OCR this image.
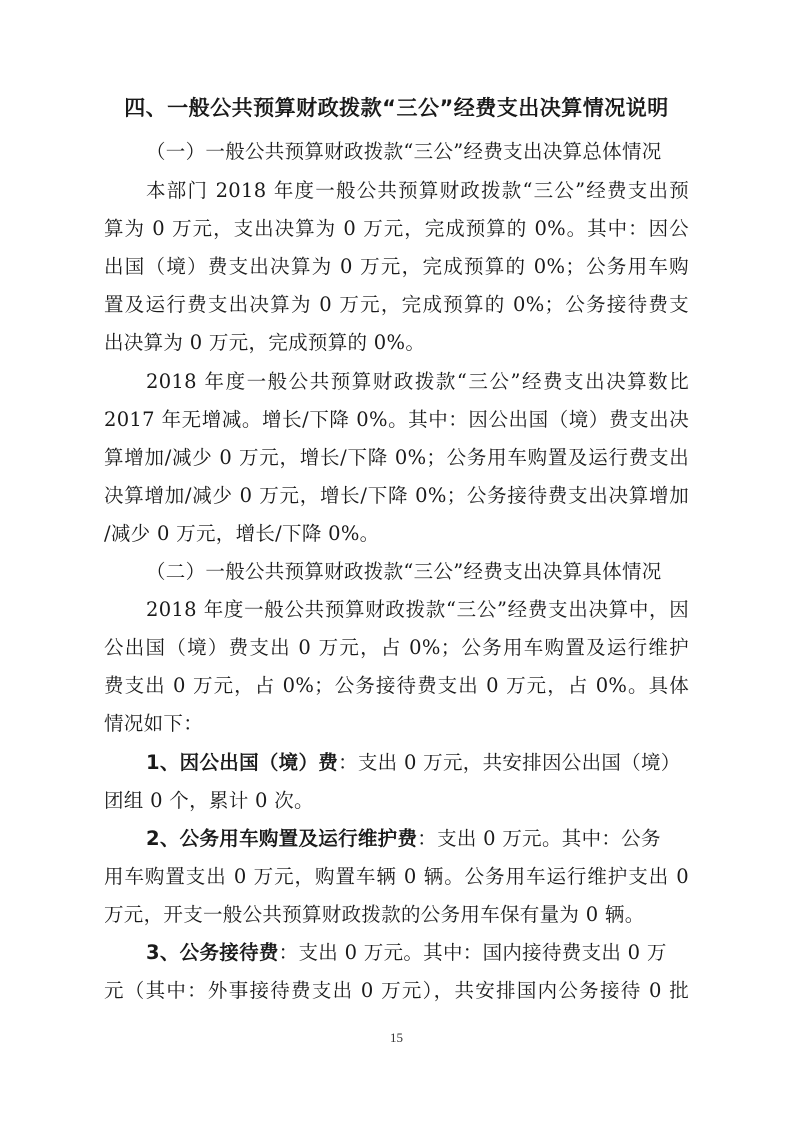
四、一般公共预算财政拨款“三公”经费支出决算情况说明
（一）一般公共预算财政拨款“三公”经费支出决算总体情况
本部门 2018 年度一般公共预算财政拨款“三公”经费支出预
算为 0 万元，支出决算为 0 万元，完成预算的 0%。其中：因公
出国（境）费支出决算为 0 万元，完成预算的 0%；公务用车购
置及运行费支出决算为 0 万元，完成预算的 0%；公务接待费支
出决算为 0 万元，完成预算的 0%。
2018 年度一般公共预算财政拨款“三公”经费支出决算数比
2017 年无增减。增长/下降 0%。其中：因公出国（境）费支出决
算增加/减少 0 万元，增长/下降 0%；公务用车购置及运行费支出
决算增加/减少 0 万元，增长/下降 0%；公务接待费支出决算增加
/减少 0 万元，增长/下降 0%。
（二）一般公共预算财政拨款“三公”经费支出决算具体情况
2018 年度一般公共预算财政拨款“三公”经费支出决算中，因
公出国（境）费支出 0 万元，占 0%；公务用车购置及运行维护
费支出 0 万元，占 0%；公务接待费支出 0 万元，占 0%。具体
情况如下：
1、因公出国（境）费：支出 0 万元，共安排因公出国（境）
团组 0 个，累计 0 次。
2、公务用车购置及运行维护费：支出 0 万元。其中：公务
用车购置支出 0 万元，购置车辆 0 辆。公务用车运行维护支出 0
万元，开支一般公共预算财政拨款的公务用车保有量为 0 辆。
3、公务接待费：支出 0 万元。其中：国内接待费支出 0 万
元（其中：外事接待费支出 0 万元），共安排国内公务接待 0 批
15
